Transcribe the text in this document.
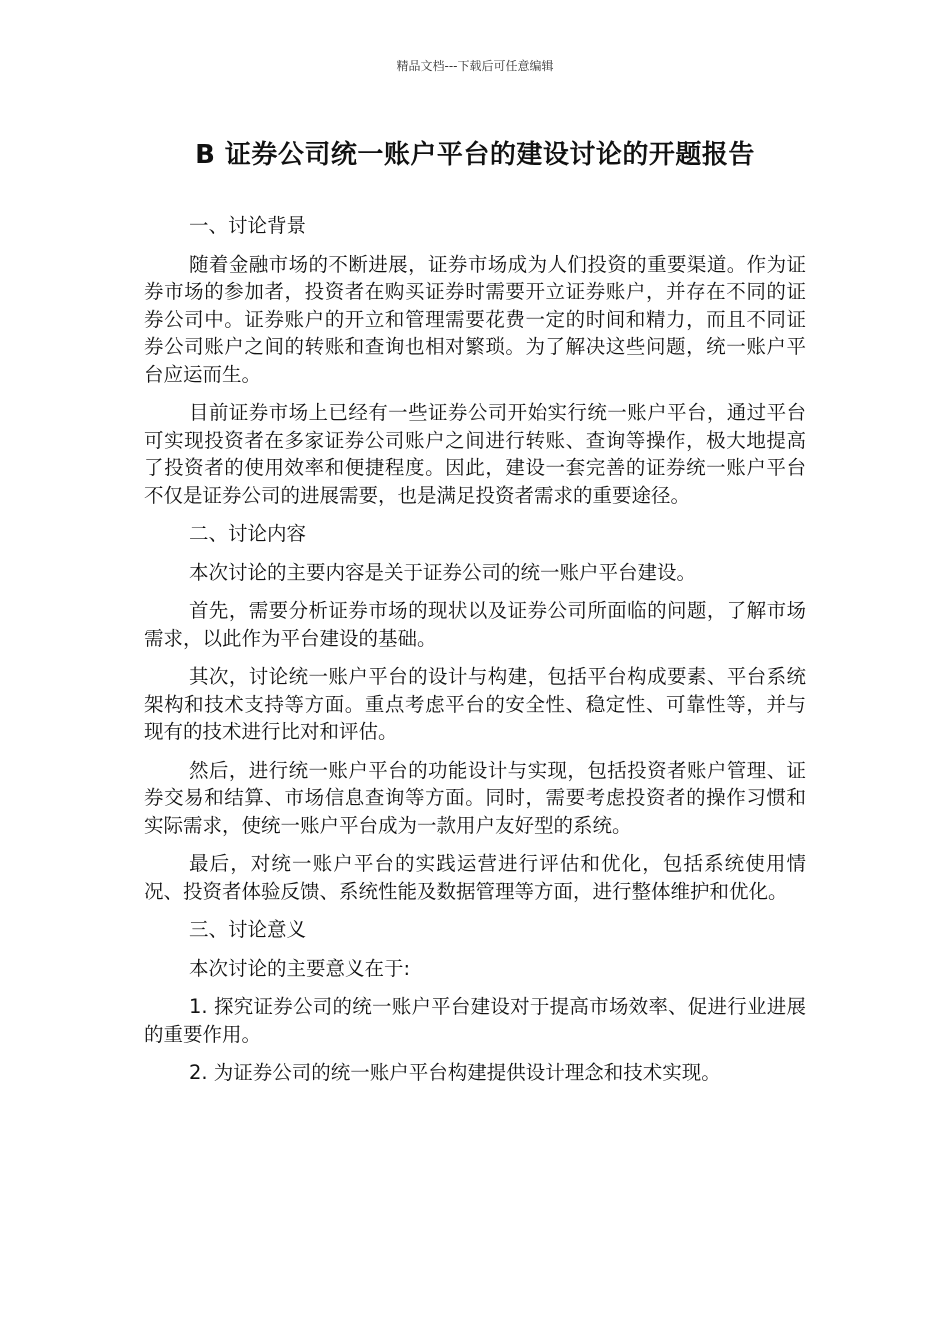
精品文档---下载后可任意编辑
B 证券公司统一账户平台的建设讨论的开题报告
一、讨论背景

随着金融市场的不断进展，证券市场成为人们投资的重要渠道。作为证券市场的参加者，投资者在购买证券时需要开立证券账户，并存在不同的证券公司中。证券账户的开立和管理需要花费一定的时间和精力，而且不同证券公司账户之间的转账和查询也相对繁琐。为了解决这些问题，统一账户平台应运而生。

目前证券市场上已经有一些证券公司开始实行统一账户平台，通过平台可实现投资者在多家证券公司账户之间进行转账、查询等操作，极大地提高了投资者的使用效率和便捷程度。因此，建设一套完善的证券统一账户平台不仅是证券公司的进展需要，也是满足投资者需求的重要途径。

二、讨论内容

本次讨论的主要内容是关于证券公司的统一账户平台建设。

首先，需要分析证券市场的现状以及证券公司所面临的问题，了解市场需求，以此作为平台建设的基础。

其次，讨论统一账户平台的设计与构建，包括平台构成要素、平台系统架构和技术支持等方面。重点考虑平台的安全性、稳定性、可靠性等，并与现有的技术进行比对和评估。

然后，进行统一账户平台的功能设计与实现，包括投资者账户管理、证券交易和结算、市场信息查询等方面。同时，需要考虑投资者的操作习惯和实际需求，使统一账户平台成为一款用户友好型的系统。

最后，对统一账户平台的实践运营进行评估和优化，包括系统使用情况、投资者体验反馈、系统性能及数据管理等方面，进行整体维护和优化。

三、讨论意义

本次讨论的主要意义在于:

1. 探究证券公司的统一账户平台建设对于提高市场效率、促进行业进展的重要作用。

2. 为证券公司的统一账户平台构建提供设计理念和技术实现。
